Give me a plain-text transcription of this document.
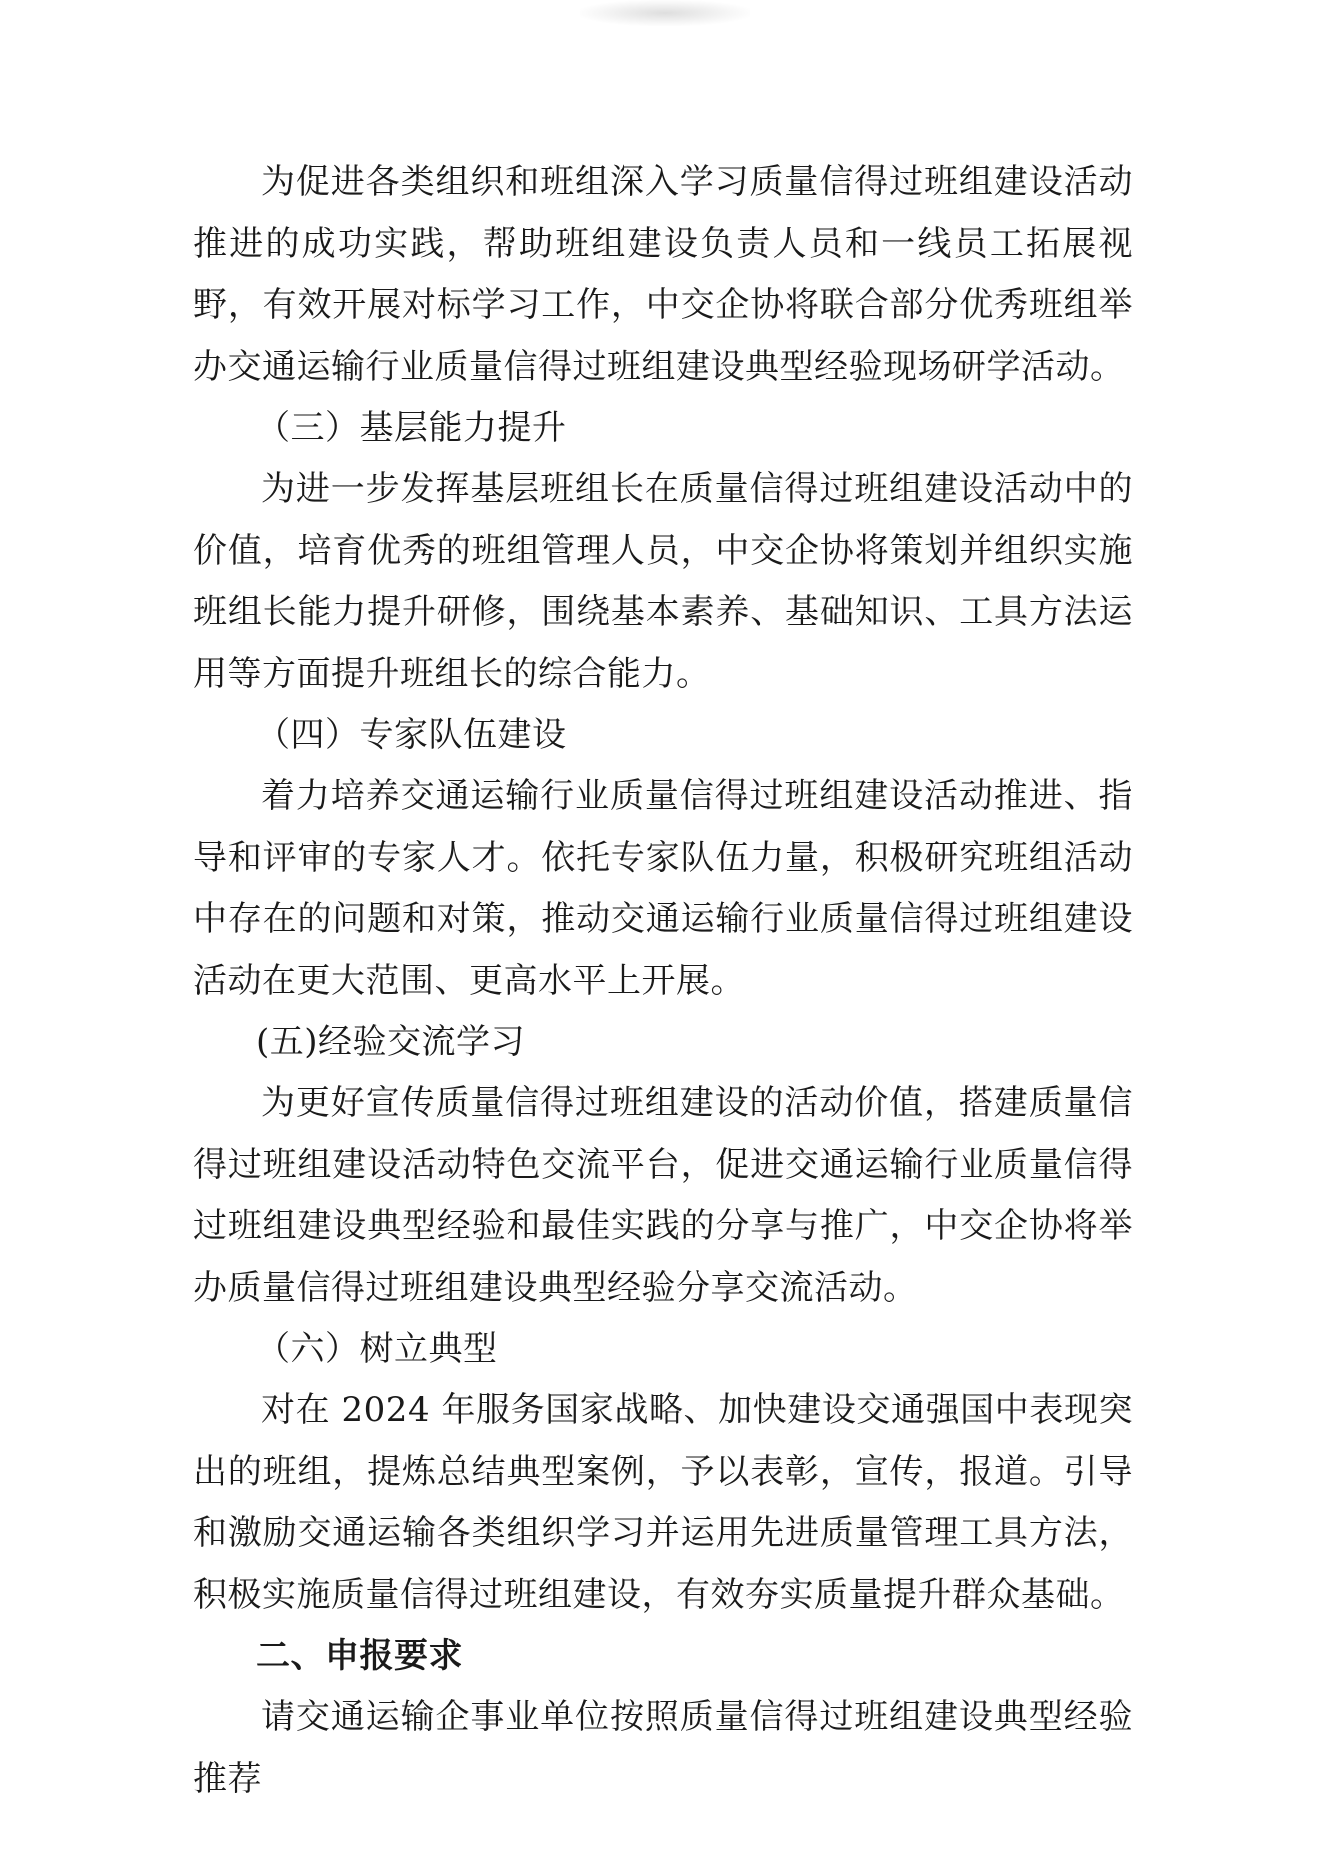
为促进各类组织和班组深入学习质量信得过班组建设活动推进的成功实践，帮助班组建设负责人员和一线员工拓展视野，有效开展对标学习工作，中交企协将联合部分优秀班组举办交通运输行业质量信得过班组建设典型经验现场研学活动。

（三）基层能力提升

为进一步发挥基层班组长在质量信得过班组建设活动中的价值，培育优秀的班组管理人员，中交企协将策划并组织实施班组长能力提升研修，围绕基本素养、基础知识、工具方法运用等方面提升班组长的综合能力。

（四）专家队伍建设

着力培养交通运输行业质量信得过班组建设活动推进、指导和评审的专家人才。依托专家队伍力量，积极研究班组活动中存在的问题和对策，推动交通运输行业质量信得过班组建设活动在更大范围、更高水平上开展。

(五)经验交流学习

为更好宣传质量信得过班组建设的活动价值，搭建质量信得过班组建设活动特色交流平台，促进交通运输行业质量信得过班组建设典型经验和最佳实践的分享与推广，中交企协将举办质量信得过班组建设典型经验分享交流活动。

（六）树立典型

对在 2024 年服务国家战略、加快建设交通强国中表现突出的班组，提炼总结典型案例，予以表彰，宣传，报道。引导和激励交通运输各类组织学习并运用先进质量管理工具方法，积极实施质量信得过班组建设，有效夯实质量提升群众基础。

二、申报要求

请交通运输企事业单位按照质量信得过班组建设典型经验推荐
